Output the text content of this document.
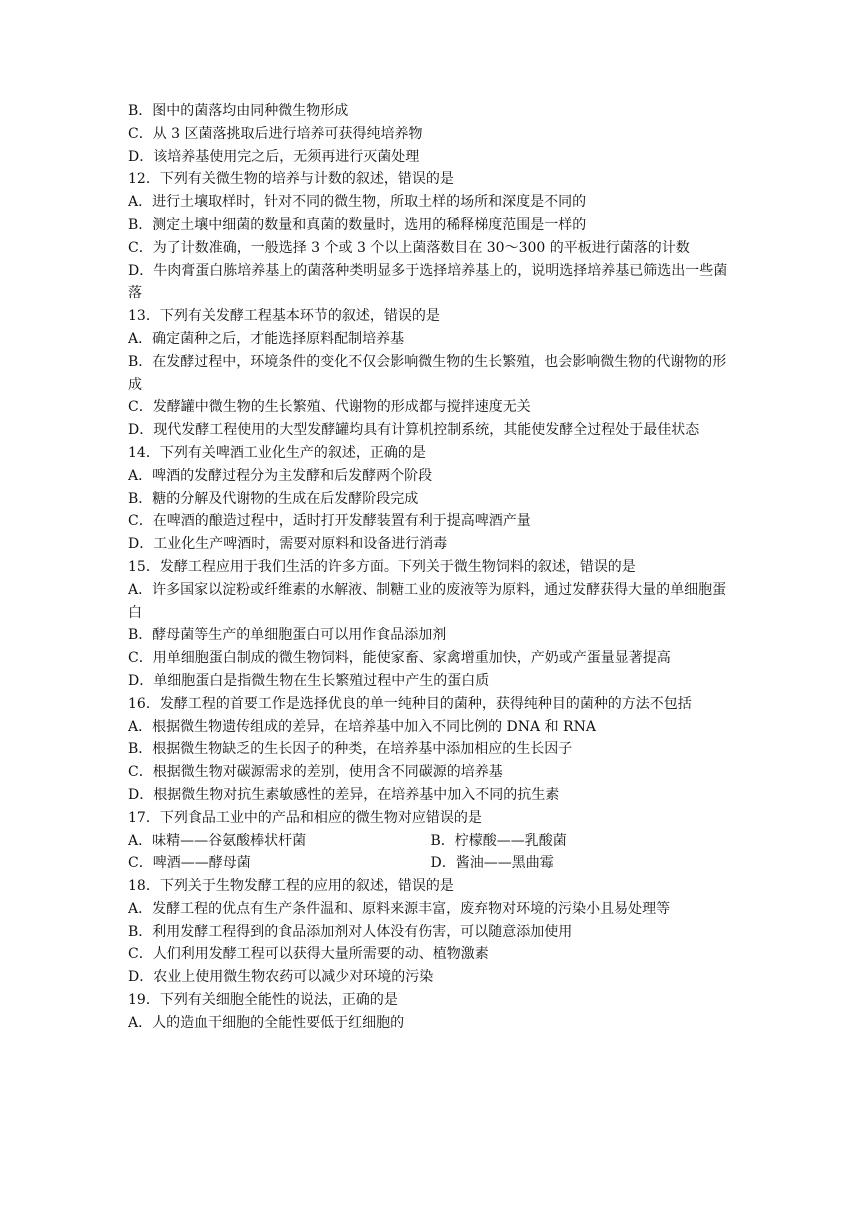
B．图中的菌落均由同种微生物形成
C．从 3 区菌落挑取后进行培养可获得纯培养物
D．该培养基使用完之后，无须再进行灭菌处理
12．下列有关微生物的培养与计数的叙述，错误的是
A．进行土壤取样时，针对不同的微生物，所取土样的场所和深度是不同的
B．测定土壤中细菌的数量和真菌的数量时，选用的稀释梯度范围是一样的
C．为了计数准确，一般选择 3 个或 3 个以上菌落数目在 30～300 的平板进行菌落的计数
D．牛肉膏蛋白胨培养基上的菌落种类明显多于选择培养基上的，说明选择培养基已筛选出一些菌落
13．下列有关发酵工程基本环节的叙述，错误的是
A．确定菌种之后，才能选择原料配制培养基
B．在发酵过程中，环境条件的变化不仅会影响微生物的生长繁殖，也会影响微生物的代谢物的形成
C．发酵罐中微生物的生长繁殖、代谢物的形成都与搅拌速度无关
D．现代发酵工程使用的大型发酵罐均具有计算机控制系统，其能使发酵全过程处于最佳状态
14．下列有关啤酒工业化生产的叙述，正确的是
A．啤酒的发酵过程分为主发酵和后发酵两个阶段
B．糖的分解及代谢物的生成在后发酵阶段完成
C．在啤酒的酿造过程中，适时打开发酵装置有利于提高啤酒产量
D．工业化生产啤酒时，需要对原料和设备进行消毒
15．发酵工程应用于我们生活的许多方面。下列关于微生物饲料的叙述，错误的是
A．许多国家以淀粉或纤维素的水解液、制糖工业的废液等为原料，通过发酵获得大量的单细胞蛋白
B．酵母菌等生产的单细胞蛋白可以用作食品添加剂
C．用单细胞蛋白制成的微生物饲料，能使家畜、家禽增重加快，产奶或产蛋量显著提高
D．单细胞蛋白是指微生物在生长繁殖过程中产生的蛋白质
16．发酵工程的首要工作是选择优良的单一纯种目的菌种，获得纯种目的菌种的方法不包括
A．根据微生物遗传组成的差异，在培养基中加入不同比例的 DNA 和 RNA
B．根据微生物缺乏的生长因子的种类，在培养基中添加相应的生长因子
C．根据微生物对碳源需求的差别，使用含不同碳源的培养基
D．根据微生物对抗生素敏感性的差异，在培养基中加入不同的抗生素
17．下列食品工业中的产品和相应的微生物对应错误的是
A．味精——谷氨酸棒状杆菌	B．柠檬酸——乳酸菌
C．啤酒——酵母菌	D．酱油——黑曲霉
18．下列关于生物发酵工程的应用的叙述，错误的是
A．发酵工程的优点有生产条件温和、原料来源丰富，废弃物对环境的污染小且易处理等
B．利用发酵工程得到的食品添加剂对人体没有伤害，可以随意添加使用
C．人们利用发酵工程可以获得大量所需要的动、植物激素
D．农业上使用微生物农药可以减少对环境的污染
19．下列有关细胞全能性的说法，正确的是
A．人的造血干细胞的全能性要低于红细胞的
